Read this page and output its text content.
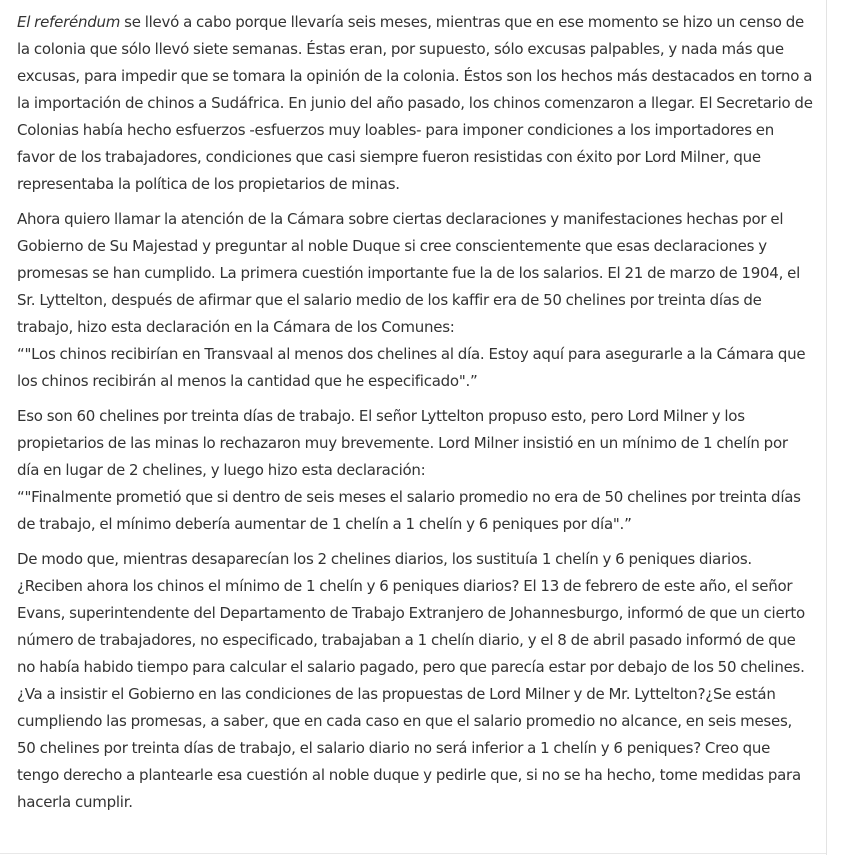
El referéndum se llevó a cabo porque llevaría seis meses, mientras que en ese momento se hizo un censo de la colonia que sólo llevó siete semanas. Éstas eran, por supuesto, sólo excusas palpables, y nada más que excusas, para impedir que se tomara la opinión de la colonia. Éstos son los hechos más destacados en torno a la importación de chinos a Sudáfrica. En junio del año pasado, los chinos comenzaron a llegar. El Secretario de Colonias había hecho esfuerzos -esfuerzos muy loables- para imponer condiciones a los importadores en favor de los trabajadores, condiciones que casi siempre fueron resistidas con éxito por Lord Milner, que representaba la política de los propietarios de minas.

Ahora quiero llamar la atención de la Cámara sobre ciertas declaraciones y manifestaciones hechas por el Gobierno de Su Majestad y preguntar al noble Duque si cree conscientemente que esas declaraciones y promesas se han cumplido. La primera cuestión importante fue la de los salarios. El 21 de marzo de 1904, el Sr. Lyttelton, después de afirmar que el salario medio de los kaffir era de 50 chelines por treinta días de trabajo, hizo esta declaración en la Cámara de los Comunes:

“"Los chinos recibirían en Transvaal al menos dos chelines al día. Estoy aquí para asegurarle a la Cámara que los chinos recibirán al menos la cantidad que he especificado".”

Eso son 60 chelines por treinta días de trabajo. El señor Lyttelton propuso esto, pero Lord Milner y los propietarios de las minas lo rechazaron muy brevemente. Lord Milner insistió en un mínimo de 1 chelín por día en lugar de 2 chelines, y luego hizo esta declaración:

“"Finalmente prometió que si dentro de seis meses el salario promedio no era de 50 chelines por treinta días de trabajo, el mínimo debería aumentar de 1 chelín a 1 chelín y 6 peniques por día".”

De modo que, mientras desaparecían los 2 chelines diarios, los sustituía 1 chelín y 6 peniques diarios. ¿Reciben ahora los chinos el mínimo de 1 chelín y 6 peniques diarios? El 13 de febrero de este año, el señor Evans, superintendente del Departamento de Trabajo Extranjero de Johannesburgo, informó de que un cierto número de trabajadores, no especificado, trabajaban a 1 chelín diario, y el 8 de abril pasado informó de que no había habido tiempo para calcular el salario pagado, pero que parecía estar por debajo de los 50 chelines. ¿Va a insistir el Gobierno en las condiciones de las propuestas de Lord Milner y de Mr. Lyttelton?¿Se están cumpliendo las promesas, a saber, que en cada caso en que el salario promedio no alcance, en seis meses, 50 chelines por treinta días de trabajo, el salario diario no será inferior a 1 chelín y 6 peniques? Creo que tengo derecho a plantearle esa cuestión al noble duque y pedirle que, si no se ha hecho, tome medidas para hacerla cumplir.
